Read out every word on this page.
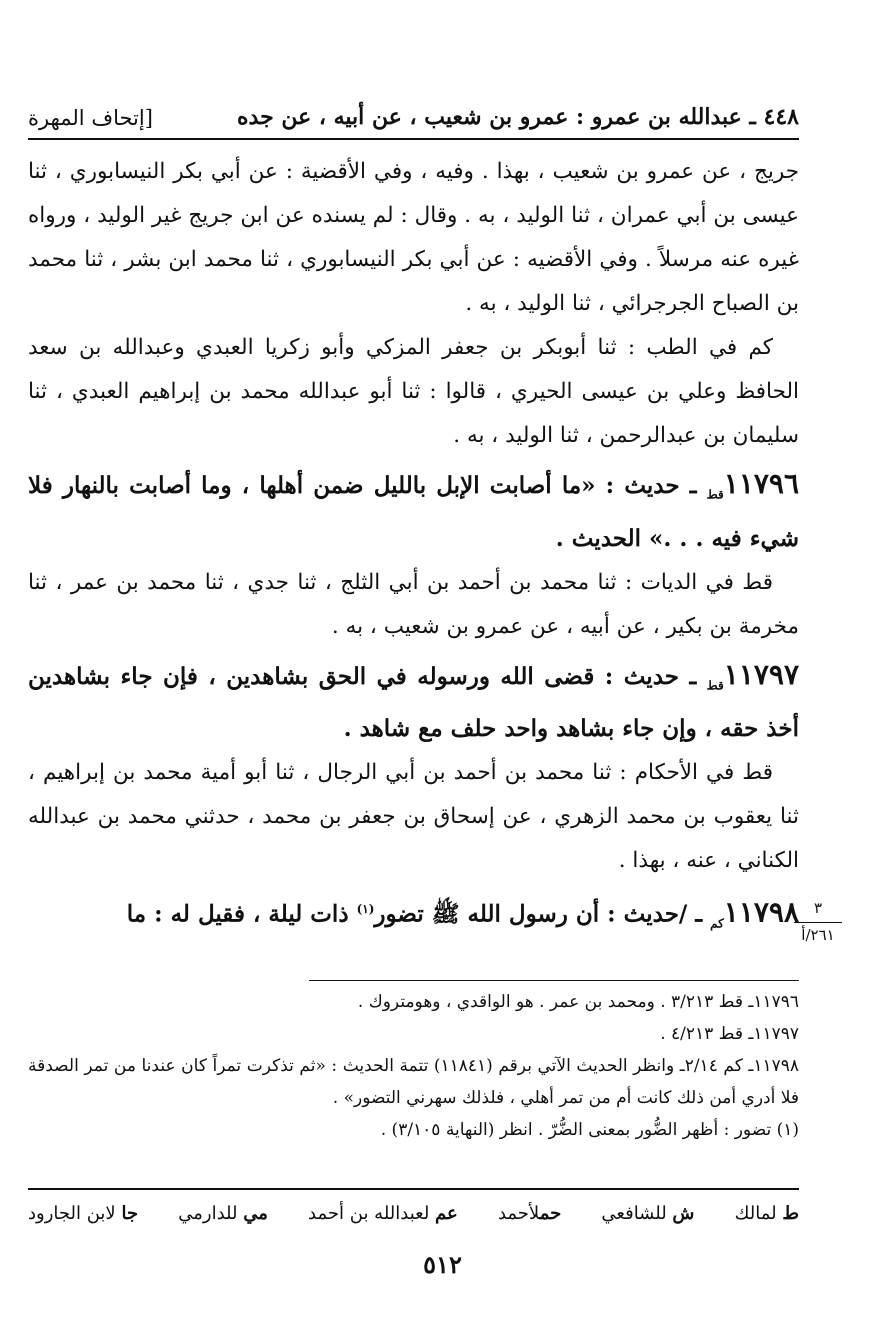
٤٤٨ ـ عبدالله بن عمرو : عمرو بن شعيب ، عن أبيه ، عن جده
[إتحاف المهرة

جريج ، عن عمرو بن شعيب ، بهذا . وفيه ، وفي الأقضية : عن أبي بكر النيسابوري ، ثنا عيسى بن أبي عمران ، ثنا الوليد ، به . وقال : لم يسنده عن ابن جريج غير الوليد ، ورواه غيره عنه مرسلاً . وفي الأقضيه : عن أبي بكر النيسابوري ، ثنا محمد ابن بشر ، ثنا محمد بن الصباح الجرجرائي ، ثنا الوليد ، به .

كم في الطب : ثنا أبوبكر بن جعفر المزكي وأبو زكريا العبدي وعبدالله بن سعد الحافظ وعلي بن عيسى الحيري ، قالوا : ثنا أبو عبدالله محمد بن إبراهيم العبدي ، ثنا سليمان بن عبدالرحمن ، ثنا الوليد ، به .

$١١٧٩٦_{قط}$ ـ حديث : «ما أصابت الإبل بالليل ضمن أهلها ، وما أصابت بالنهار فلا شيء فيه . . .» الحديث .

قط في الديات : ثنا محمد بن أحمد بن أبي الثلج ، ثنا جدي ، ثنا محمد بن عمر ، ثنا مخرمة بن بكير ، عن أبيه ، عن عمرو بن شعيب ، به .

$١١٧٩٧_{قط}$ ـ حديث : قضى الله ورسوله في الحق بشاهدين ، فإن جاء بشاهدين أخذ حقه ، وإن جاء بشاهد واحد حلف مع شاهد .

قط في الأحكام : ثنا محمد بن أحمد بن أبي الرجال ، ثنا أبو أمية محمد بن إبراهيم ، ثنا يعقوب بن محمد الزهري ، عن إسحاق بن جعفر بن محمد ، حدثني محمد بن عبدالله الكناني ، عنه ، بهذا .

$١١٧٩٨_{كم}$ ـ /حديث : أن رسول الله ﷺ تضور$^{(١)}$ ذات ليلة ، فقيل له : ما	٣
٢٦١/أ

١١٧٩٦ـ قط ٣/٢١٣ . ومحمد بن عمر . هو الواقدي ، وهومتروك .

١١٧٩٧ـ قط ٤/٢١٣ .

١١٧٩٨ـ كم ٢/١٤ـ وانظر الحديث الآتي برقم (١١٨٤١) تتمة الحديث : «ثم تذكرت تمراً كان عندنا من تمر الصدقة فلا أدري أمن ذلك كانت أم من تمر أهلي ، فلذلك سهرني التضور» .

(١) تضور : أظهر الضُّور بمعنى الضُّرّ . انظر (النهاية ٣/١٠٥) .

ط لمالك
ش للشافعي
حملأحمد
عم لعبدالله بن أحمد
مي للدارمي
جا لابن الجارود
٥١٢
